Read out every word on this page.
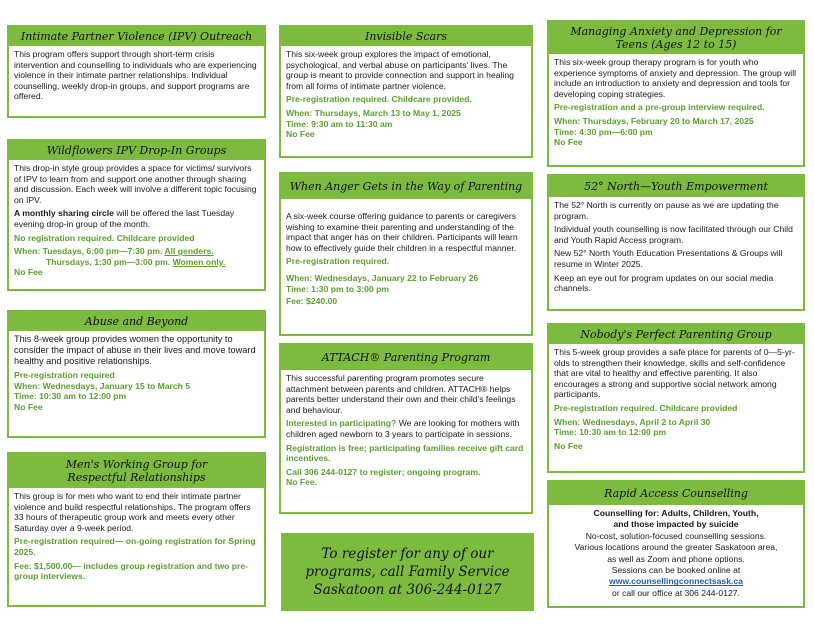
Intimate Partner Violence (IPV) Outreach

This program offers support through short-term crisis intervention and counselling to individuals who are experiencing violence in their intimate partner relationships. Individual counselling, weekly drop-in groups, and support programs are offered.

Wildflowers IPV Drop-In Groups

This drop-in style group provides a space for victims/ survivors of IPV to learn from and support one another through sharing and discussion. Each week will involve a different topic focusing on IPV.

A monthly sharing circle will be offered the last Tuesday evening drop-in group of the month.

No registration required. Childcare provided

When: Tuesdays, 6:00 pm—7:30 pm. All genders.
Thursdays, 1:30 pm—3:00 pm. Women only.
No Fee
Abuse and Beyond

This 8-week group provides women the opportunity to consider the impact of abuse in their lives and move toward healthy and positive relationships.

Pre-registration required
When: Wednesdays, January 15 to March 5
Time: 10:30 am to 12:00 pm
No Fee
Men's Working Group for Respectful Relationships

This group is for men who want to end their intimate partner violence and build respectful relationships. The program offers 33 hours of therapeutic group work and meets every other Saturday over a 9-week period.

Pre-registration required— on-going registration for Spring 2025.

Fee: $1,500.00— includes group registration and two pre-group interviews.

Invisible Scars

This six-week group explores the impact of emotional, psychological, and verbal abuse on participants' lives. The group is meant to provide connection and support in healing from all forms of intimate partner violence.

Pre-registration required. Childcare provided.

When: Thursdays, March 13 to May 1, 2025
Time: 9:30 am to 11:30 am
No Fee
When Anger Gets in the Way of Parenting

A six-week course offering guidance to parents or caregivers wishing to examine their parenting and understanding of the impact that anger has on their children. Participants will learn how to effectively guide their children in a respectful manner.

Pre-registration required.

When: Wednesdays, January 22 to February 26
Time: 1:30 pm to 3:00 pm
Fee: $240.00
ATTACH® Parenting Program

This successful parenting program promotes secure attachment between parents and children. ATTACH® helps parents better understand their own and their child's feelings and behaviour.

Interested in participating? We are looking for mothers with children aged newborn to 3 years to participate in sessions.

Registration is free; participating families receive gift card incentives.

Call 306 244-0127 to register; ongoing program.
No Fee.
To register for any of our programs, call Family Service Saskatoon at 306-244-0127
Managing Anxiety and Depression for Teens (Ages 12 to 15)

This six-week group therapy program is for youth who experience symptoms of anxiety and depression. The group will include an introduction to anxiety and depression and tools for developing coping strategies.

Pre-registration and a pre-group interview required.

When: Thursdays, February 20 to March 17, 2025
Time: 4:30 pm—6:00 pm
No Fee
52° North—Youth Empowerment

The 52° North is currently on pause as we are updating the program.

Individual youth counselling is now facilitated through our Child and Youth Rapid Access program.

New 52° North Youth Education Presentations & Groups will resume in Winter 2025.

Keep an eye out for program updates on our social media channels.

Nobody's Perfect Parenting Group

This 5-week group provides a safe place for parents of 0—5-yr-olds to strengthen their knowledge, skills and self-confidence that are vital to healthy and effective parenting. It also encourages a strong and supportive social network among participants.

Pre-registration required. Childcare provided

When: Wednesdays, April 2 to April 30
Time: 10:30 am to 12:00 pm
No Fee
Rapid Access Counselling
Counselling for: Adults, Children, Youth,
and those impacted by suicide
No-cost, solution-focused counselling sessions.
Various locations around the greater Saskatoon area,
as well as Zoom and phone options.
Sessions can be booked online at
www.counsellingconnectsask.ca
or call our office at 306 244-0127.
